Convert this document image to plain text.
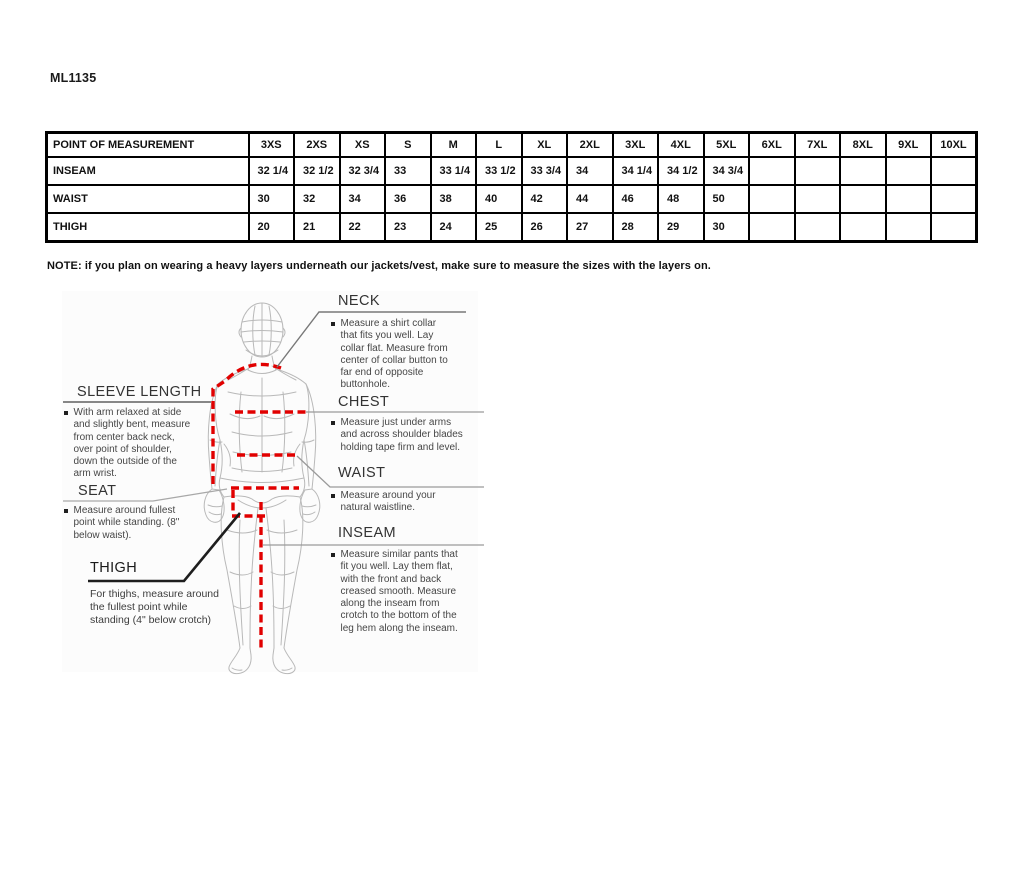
ML1135
POINT OF MEASUREMENT	3XS	2XS	XS	S	M	L	XL	2XL	3XL	4XL	5XL	6XL	7XL	8XL	9XL	10XL
INSEAM	32 1/4	32 1/2	32 3/4	33	33 1/4	33 1/2	33 3/4	34	34 1/4	34 1/2	34 3/4					
WAIST	30	32	34	36	38	40	42	44	46	48	50					
THIGH	20	21	22	23	24	25	26	27	28	29	30					
NOTE: if you plan on wearing a heavy layers underneath our jackets/vest, make sure to measure the sizes with the layers on.
SLEEVE LENGTH
With arm relaxed at side and slightly bent, measure from center back neck, over point of shoulder, down the outside of the arm wrist.
SEAT
Measure around fullest point while standing. (8" below waist).
THIGH
For thighs, measure around the fullest point while standing (4" below crotch)
NECK
Measure a shirt collar that fits you well. Lay collar flat. Measure from center of collar button to far end of opposite buttonhole.
CHEST
Measure just under arms and across shoulder blades holding tape firm and level.
WAIST
Measure around your natural waistline.
INSEAM
Measure similar pants that fit you well. Lay them flat, with the front and back creased smooth. Measure along the inseam from crotch to the bottom of the leg hem along the inseam.
